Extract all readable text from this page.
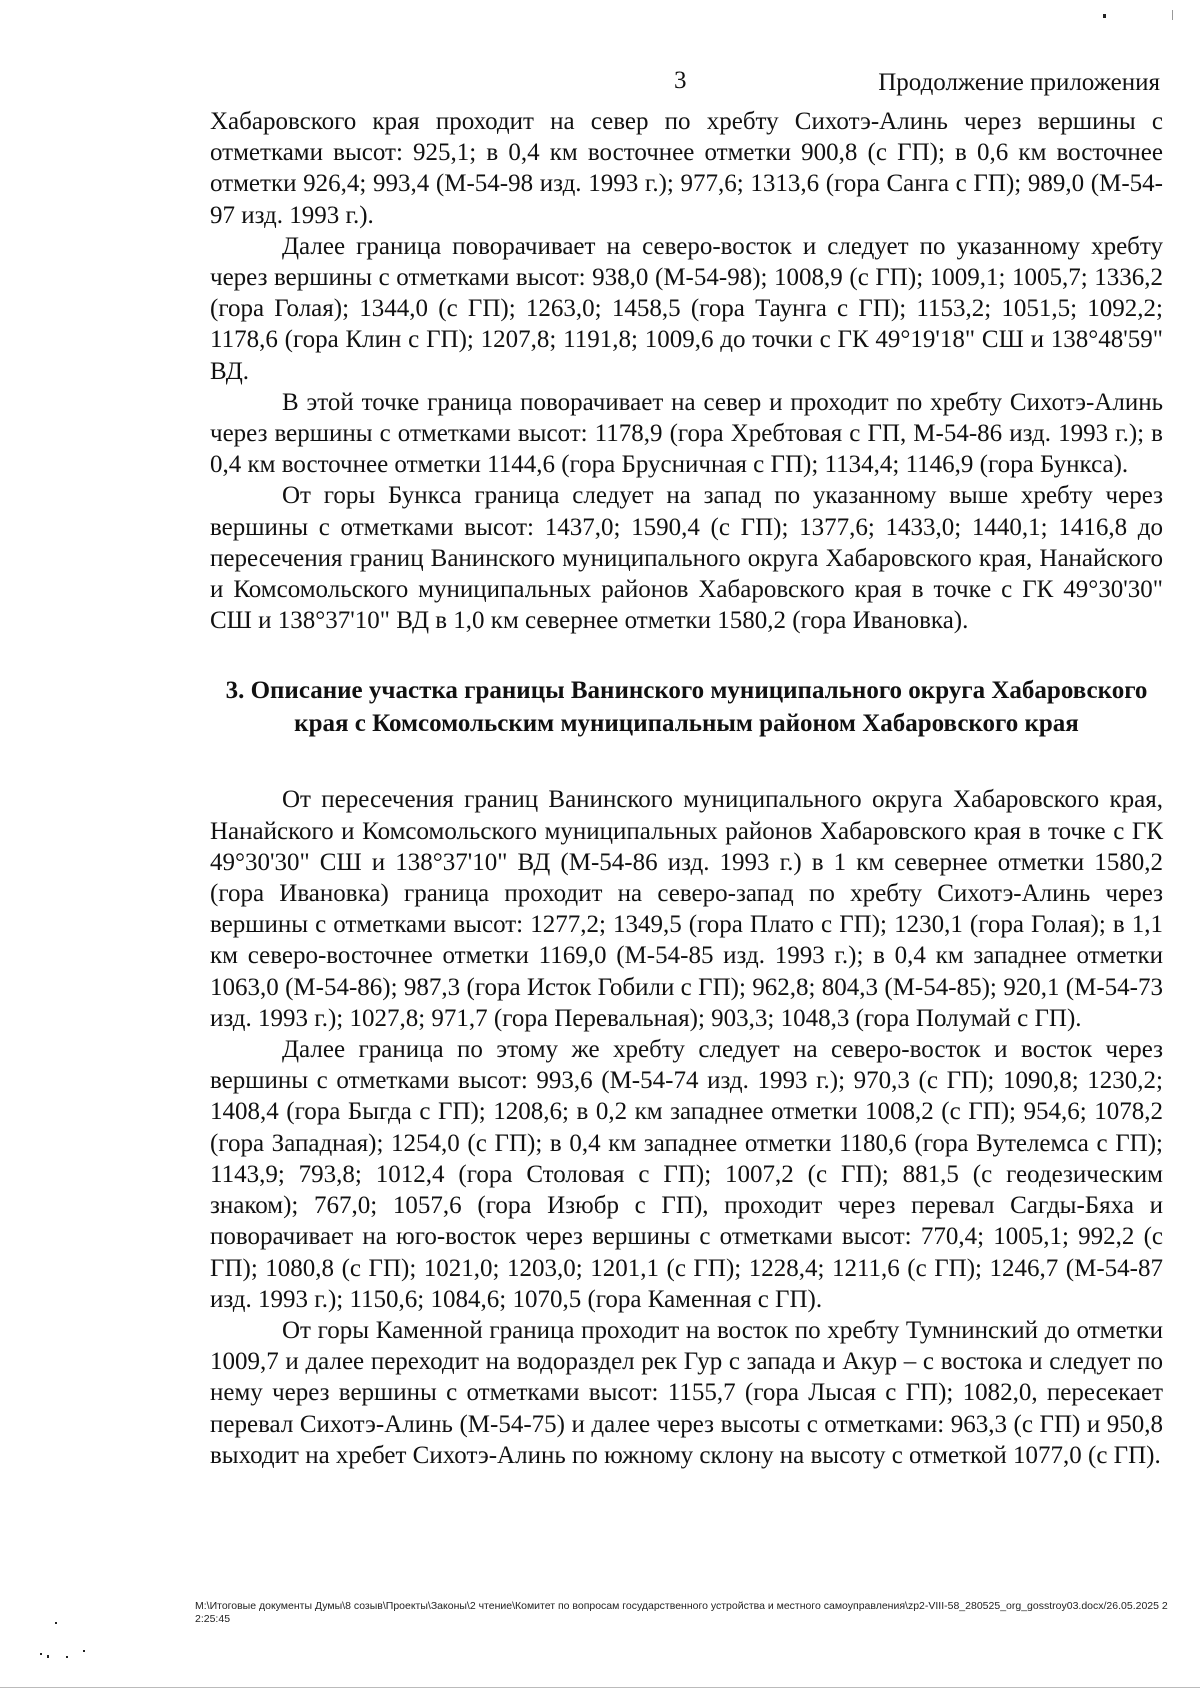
3	Продолжение приложения

Хабаровского края проходит на север по хребту Сихотэ-Алинь через вершины с отметками высот: 925,1; в 0,4 км восточнее отметки 900,8 (с ГП); в 0,6 км восточнее отметки 926,4; 993,4 (М-54-98 изд. 1993 г.); 977,6; 1313,6 (гора Санга с ГП); 989,0 (М-54-97 изд. 1993 г.).

Далее граница поворачивает на северо-восток и следует по указанному хребту через вершины с отметками высот: 938,0 (М-54-98); 1008,9 (с ГП); 1009,1; 1005,7; 1336,2 (гора Голая); 1344,0 (с ГП); 1263,0; 1458,5 (гора Таунга с ГП); 1153,2; 1051,5; 1092,2; 1178,6 (гора Клин с ГП); 1207,8; 1191,8; 1009,6 до точки с ГК 49°19'18" СШ и 138°48'59" ВД.

В этой точке граница поворачивает на север и проходит по хребту Сихотэ-Алинь через вершины с отметками высот: 1178,9 (гора Хребтовая с ГП, М-54-86 изд. 1993 г.); в 0,4 км восточнее отметки 1144,6 (гора Брусничная с ГП); 1134,4; 1146,9 (гора Бункса).

От горы Бункса граница следует на запад по указанному выше хребту через вершины с отметками высот: 1437,0; 1590,4 (с ГП); 1377,6; 1433,0; 1440,1; 1416,8 до пересечения границ Ванинского муниципального округа Хабаровского края, Нанайского и Комсомольского муниципальных районов Хабаровского края в точке с ГК 49°30'30" СШ и 138°37'10" ВД в 1,0 км севернее отметки 1580,2 (гора Ивановка).

3. Описание участка границы Ванинского муниципального округа Хабаровского края с Комсомольским муниципальным районом Хабаровского края

От пересечения границ Ванинского муниципального округа Хабаровского края, Нанайского и Комсомольского муниципальных районов Хабаровского края в точке с ГК 49°30'30" СШ и 138°37'10" ВД (М-54-86 изд. 1993 г.) в 1 км севернее отметки 1580,2 (гора Ивановка) граница проходит на северо-запад по хребту Сихотэ-Алинь через вершины с отметками высот: 1277,2; 1349,5 (гора Плато с ГП); 1230,1 (гора Голая); в 1,1 км северо-восточнее отметки 1169,0 (М-54-85 изд. 1993 г.); в 0,4 км западнее отметки 1063,0 (М-54-86); 987,3 (гора Исток Гобили с ГП); 962,8; 804,3 (М-54-85); 920,1 (М-54-73 изд. 1993 г.); 1027,8; 971,7 (гора Перевальная); 903,3; 1048,3 (гора Полумай с ГП).

Далее граница по этому же хребту следует на северо-восток и восток через вершины с отметками высот: 993,6 (М-54-74 изд. 1993 г.); 970,3 (с ГП); 1090,8; 1230,2; 1408,4 (гора Быгда с ГП); 1208,6; в 0,2 км западнее отметки 1008,2 (с ГП); 954,6; 1078,2 (гора Западная); 1254,0 (с ГП); в 0,4 км западнее отметки 1180,6 (гора Вутелемса с ГП); 1143,9; 793,8; 1012,4 (гора Столовая с ГП); 1007,2 (с ГП); 881,5 (с геодезическим знаком); 767,0; 1057,6 (гора Изюбр с ГП), проходит через перевал Сагды-Бяха и поворачивает на юго-восток через вершины с отметками высот: 770,4; 1005,1; 992,2 (с ГП); 1080,8 (с ГП); 1021,0; 1203,0; 1201,1 (с ГП); 1228,4; 1211,6 (с ГП); 1246,7 (М-54-87 изд. 1993 г.); 1150,6; 1084,6; 1070,5 (гора Каменная с ГП).

От горы Каменной граница проходит на восток по хребту Тумнинский до отметки 1009,7 и далее переходит на водораздел рек Гур с запада и Акур – с востока и следует по нему через вершины с отметками высот: 1155,7 (гора Лысая с ГП); 1082,0, пересекает перевал Сихотэ-Алинь (М-54-75) и далее через высоты с отметками: 963,3 (с ГП) и 950,8 выходит на хребет Сихотэ-Алинь по южному склону на высоту с отметкой 1077,0 (с ГП).

М:\Итоговые документы Думы\8 созыв\Проекты\Законы\2 чтение\Комитет по вопросам государственного устройства и местного самоуправления\zp2-VIII-58_280525_org_gosstroy03.docx/26.05.2025 22:25:45
